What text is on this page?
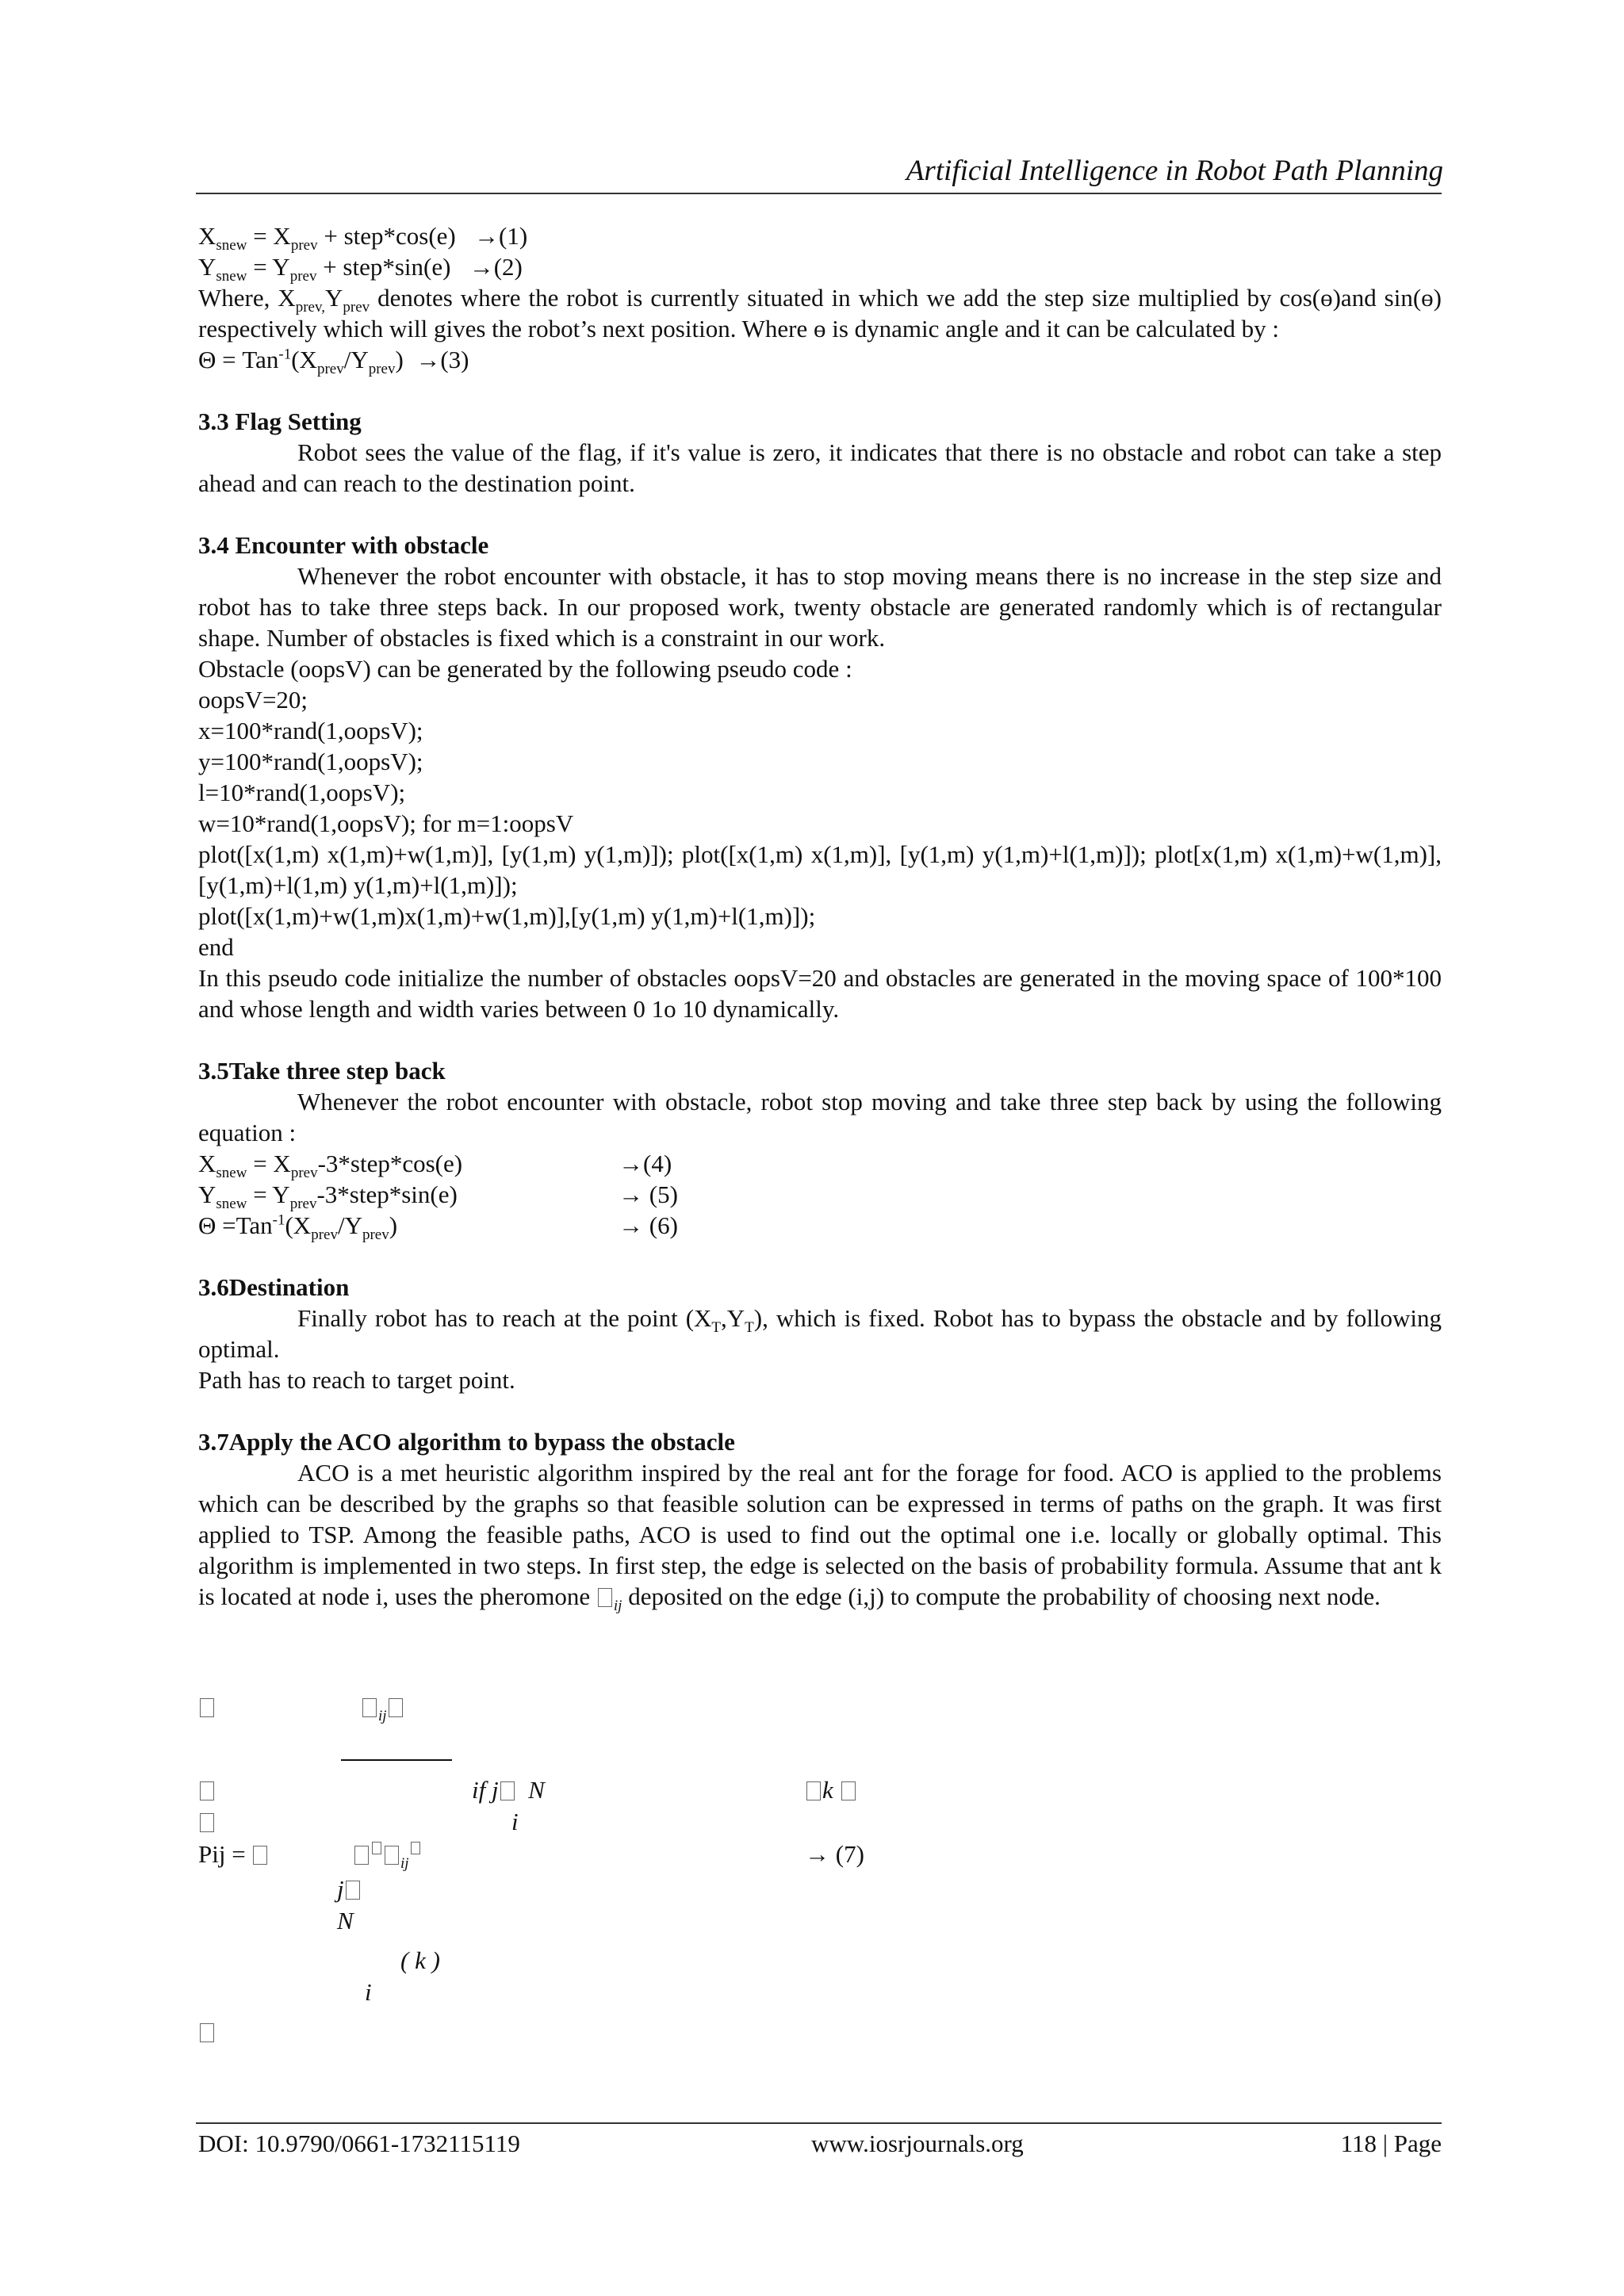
Artificial Intelligence in Robot Path Planning
$X_{snew} = X_{prev}$ + step*cos(e) →(1)
$Y_{snew} = Y_{prev}$ + step*sin(e) →(2)

Where, $X_{prev,}Y_{prev}$ denotes where the robot is currently situated in which we add the step size multiplied by cos(ɵ)and sin(ɵ) respectively which will gives the robot’s next position. Where ɵ is dynamic angle and it can be calculated by :

$\Theta = Tan^{-1}(X_{prev}/Y_{prev}) \to(3)$
3.3 Flag Setting

Robot sees the value of the flag, if it's value is zero, it indicates that there is no obstacle and robot can take a step ahead and can reach to the destination point.

3.4 Encounter with obstacle

Whenever the robot encounter with obstacle, it has to stop moving means there is no increase in the step size and robot has to take three steps back. In our proposed work, twenty obstacle are generated randomly which is of rectangular shape. Number of obstacles is fixed which is a constraint in our work.

Obstacle (oopsV) can be generated by the following pseudo code :

oopsV=20;
x=100*rand(1,oopsV);
y=100*rand(1,oopsV);
l=10*rand(1,oopsV);
w=10*rand(1,oopsV); for m=1:oopsV

plot([x(1,m) x(1,m)+w(1,m)], [y(1,m) y(1,m)]); plot([x(1,m) x(1,m)], [y(1,m) y(1,m)+l(1,m)]); plot[x(1,m) x(1,m)+w(1,m)],[y(1,m)+l(1,m) y(1,m)+l(1,m)]);

plot([x(1,m)+w(1,m)x(1,m)+w(1,m)],[y(1,m) y(1,m)+l(1,m)]);
end

In this pseudo code initialize the number of obstacles oopsV=20 and obstacles are generated in the moving space of 100*100 and whose length and width varies between 0 1o 10 dynamically.

3.5Take three step back

Whenever the robot encounter with obstacle, robot stop moving and take three step back by using the following equation :

$X_{snew}$ = $X_{prev}-3*step*\cos(e)$	→(4)
$Y_{snew}$ = $Y_{prev}-3*step*\sin(e)$	→ (5)
$\Theta =Tan^{-1}(X_{prev}/Y_{prev})$	→ (6)
3.6Destination

Finally robot has to reach at the point $(X_T,Y_T)$, which is fixed. Robot has to bypass the obstacle and by following optimal.

Path has to reach to target point.

3.7Apply the ACO algorithm to bypass the obstacle

ACO is a met heuristic algorithm inspired by the real ant for the forage for food. ACO is applied to the problems which can be described by the graphs so that feasible solution can be expressed in terms of paths on the graph. It was first applied to TSP. Among the feasible paths, ACO is used to find out the optimal one i.e. locally or globally optimal. This algorithm is implemented in two steps. In first step, the edge is selected on the basis of probability formula. Assume that ant k is located at node i, uses the pheromone $_{ij}$ deposited on the edge (i,j) to compute the probability of choosing next node.

$_{ij}$
if j N	k
i
Pij =	$_{ij}$	→ (7)
j
N
( k )
i
DOI: 10.9790/0661-1732115119	www.iosrjournals.org	118 | Page
